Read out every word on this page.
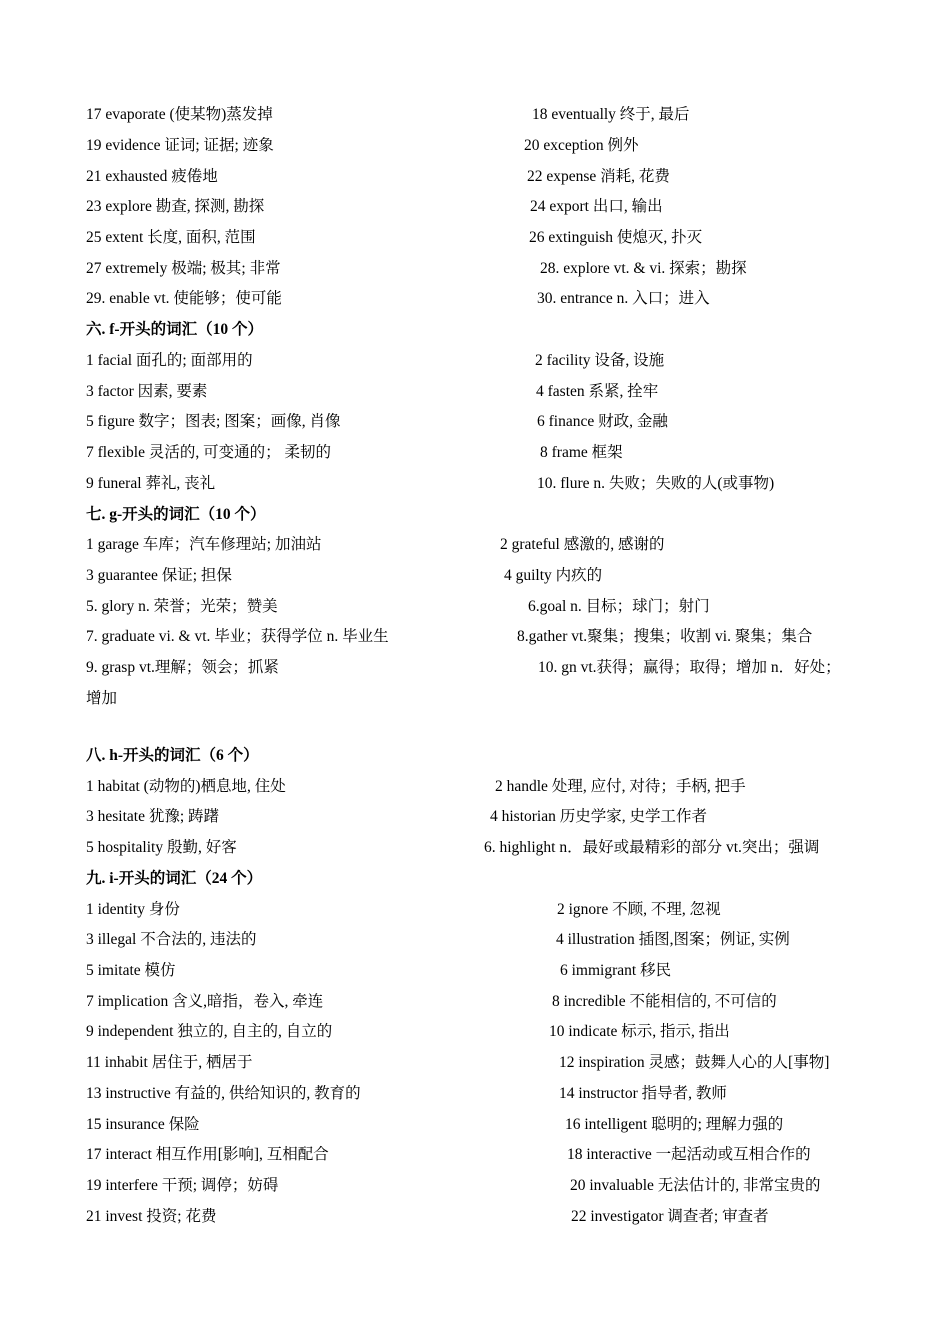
17 evaporate (使某物)蒸发掉	18 eventually 终于, 最后
19 evidence 证词; 证据; 迹象	20 exception 例外
21 exhausted 疲倦地	22 expense 消耗, 花费
23 explore 勘查, 探测, 勘探	24 export 出口, 输出
25 extent 长度, 面积, 范围	26 extinguish 使熄灭, 扑灭
27 extremely 极端; 极其; 非常	28. explore vt. & vi. 探索；勘探
29. enable vt. 使能够；使可能	30. entrance n. 入口；进入
六. f-开头的词汇（10 个）
1 facial 面孔的; 面部用的	2 facility 设备, 设施
3 factor 因素, 要素	4 fasten 系紧, 拴牢
5 figure 数字；图表; 图案；画像, 肖像	6 finance 财政, 金融
7 flexible 灵活的, 可变通的； 柔韧的	8 frame 框架
9 funeral 葬礼, 丧礼	10. flure n. 失败；失败的人(或事物)
七. g-开头的词汇（10 个）
1 garage 车库；汽车修理站; 加油站	2 grateful 感激的, 感谢的
3 guarantee 保证; 担保	4 guilty 内疚的
5. glory n. 荣誉；光荣；赞美	6.goal n. 目标；球门；射门
7. graduate vi. & vt. 毕业；获得学位 n. 毕业生	8.gather vt.聚集；搜集；收割 vi. 聚集；集合
9. grasp vt.理解；领会；抓紧	10. gn vt.获得；赢得；取得；增加 n．好处；
增加
八. h-开头的词汇（6 个）
1 habitat (动物的)栖息地, 住处	2 handle 处理, 应付, 对待；手柄, 把手
3 hesitate 犹豫; 踌躇	4 historian 历史学家, 史学工作者
5 hospitality 殷勤, 好客	6. highlight n．最好或最精彩的部分 vt.突出；强调
九. i-开头的词汇（24 个）
1 identity 身份	2 ignore 不顾, 不理, 忽视
3 illegal 不合法的, 违法的	4 illustration 插图,图案；例证, 实例
5 imitate 模仿	6 immigrant 移民
7 implication 含义,暗指，卷入, 牵连	8 incredible 不能相信的, 不可信的
9 independent 独立的, 自主的, 自立的	10 indicate 标示, 指示, 指出
11 inhabit 居住于, 栖居于	12 inspiration 灵感；鼓舞人心的人[事物]
13 instructive 有益的, 供给知识的, 教育的	14 instructor 指导者, 教师
15 insurance 保险	16 intelligent 聪明的; 理解力强的
17 interact 相互作用[影响], 互相配合	18 interactive 一起活动或互相合作的
19 interfere 干预; 调停；妨碍	20 invaluable 无法估计的, 非常宝贵的
21 invest 投资; 花费	22 investigator 调查者; 审查者
